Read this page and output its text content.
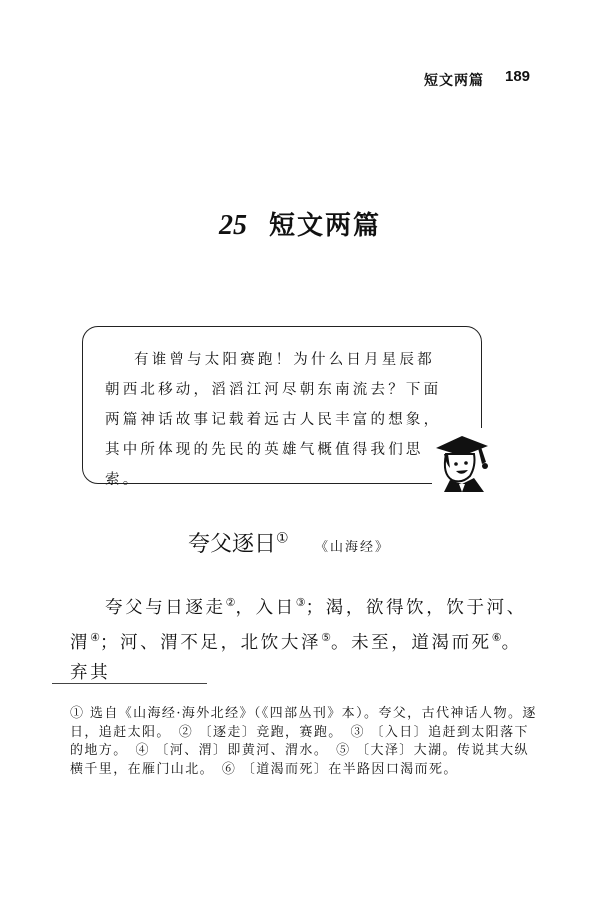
短文两篇 189
25 短文两篇
有谁曾与太阳赛跑！为什么日月星辰都朝西北移动，滔滔江河尽朝东南流去？下面两篇神话故事记载着远古人民丰富的想象，其中所体现的先民的英雄气概值得我们思索。
夸父逐日①
《山海经》

夸父与日逐走②，入日③；渴，欲得饮，饮于河、渭④；河、渭不足，北饮大泽⑤。未至，道渴而死⑥。弃其

① 选自《山海经·海外北经》（《四部丛刊》本）。夸父，古代神话人物。逐日，追赶太阳。　② 〔逐走〕竞跑，赛跑。　③ 〔入日〕追赶到太阳落下的地方。　④ 〔河、渭〕即黄河、渭水。　⑤ 〔大泽〕大湖。传说其大纵横千里，在雁门山北。　⑥ 〔道渴而死〕在半路因口渴而死。
